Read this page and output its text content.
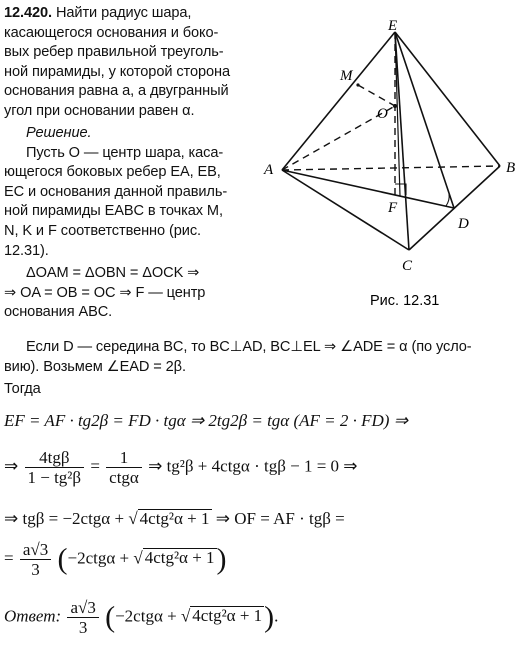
12.420. Найти радиус шара,
касающегося основания и боко-
вых ребер правильной треуголь-
ной пирамиды, у которой сторона
основания равна a, а двугранный
угол при основании равен α.
Решение.
Пусть O — центр шара, каса-
ющегося боковых ребер EA, EB,
EC и основания данной правиль-
ной пирамиды EABC в точках M,
N, K и F соответственно (рис.
12.31).
ΔOAM = ΔOBN = ΔOCK ⇒
⇒ OA = OB = OC ⇒ F — центр
основания ABC.
E
M
O
A	B
F
D
C
Рис. 12.31
Если D — середина BC, то BC⊥AD, BC⊥EL ⇒ ∠ADE = α (по усло-
вию). Возьмем ∠EAD = 2β.
Тогда
EF = AF · tg2β = FD · tgα ⇒ 2tg2β = tgα (AF = 2 · FD) ⇒
⇒ $\frac{\text{4tgβ}}{\text{1 − tg²β}} = \frac{1}{\text{ctgα}}$ ⇒ tg²β + 4ctgα · tgβ − 1 = 0 ⇒
⇒ tgβ = −2ctgα + √ 4ctg²α + 1 ⇒ OF = AF · tgβ =
= $\frac{a√3}{3} (-2ctg\alpha$ + √ 4ctg²α + 1)
Ответ: $\frac{a√3}{3} (-2ctg\alpha$ + √ 4ctg²α + 1).
